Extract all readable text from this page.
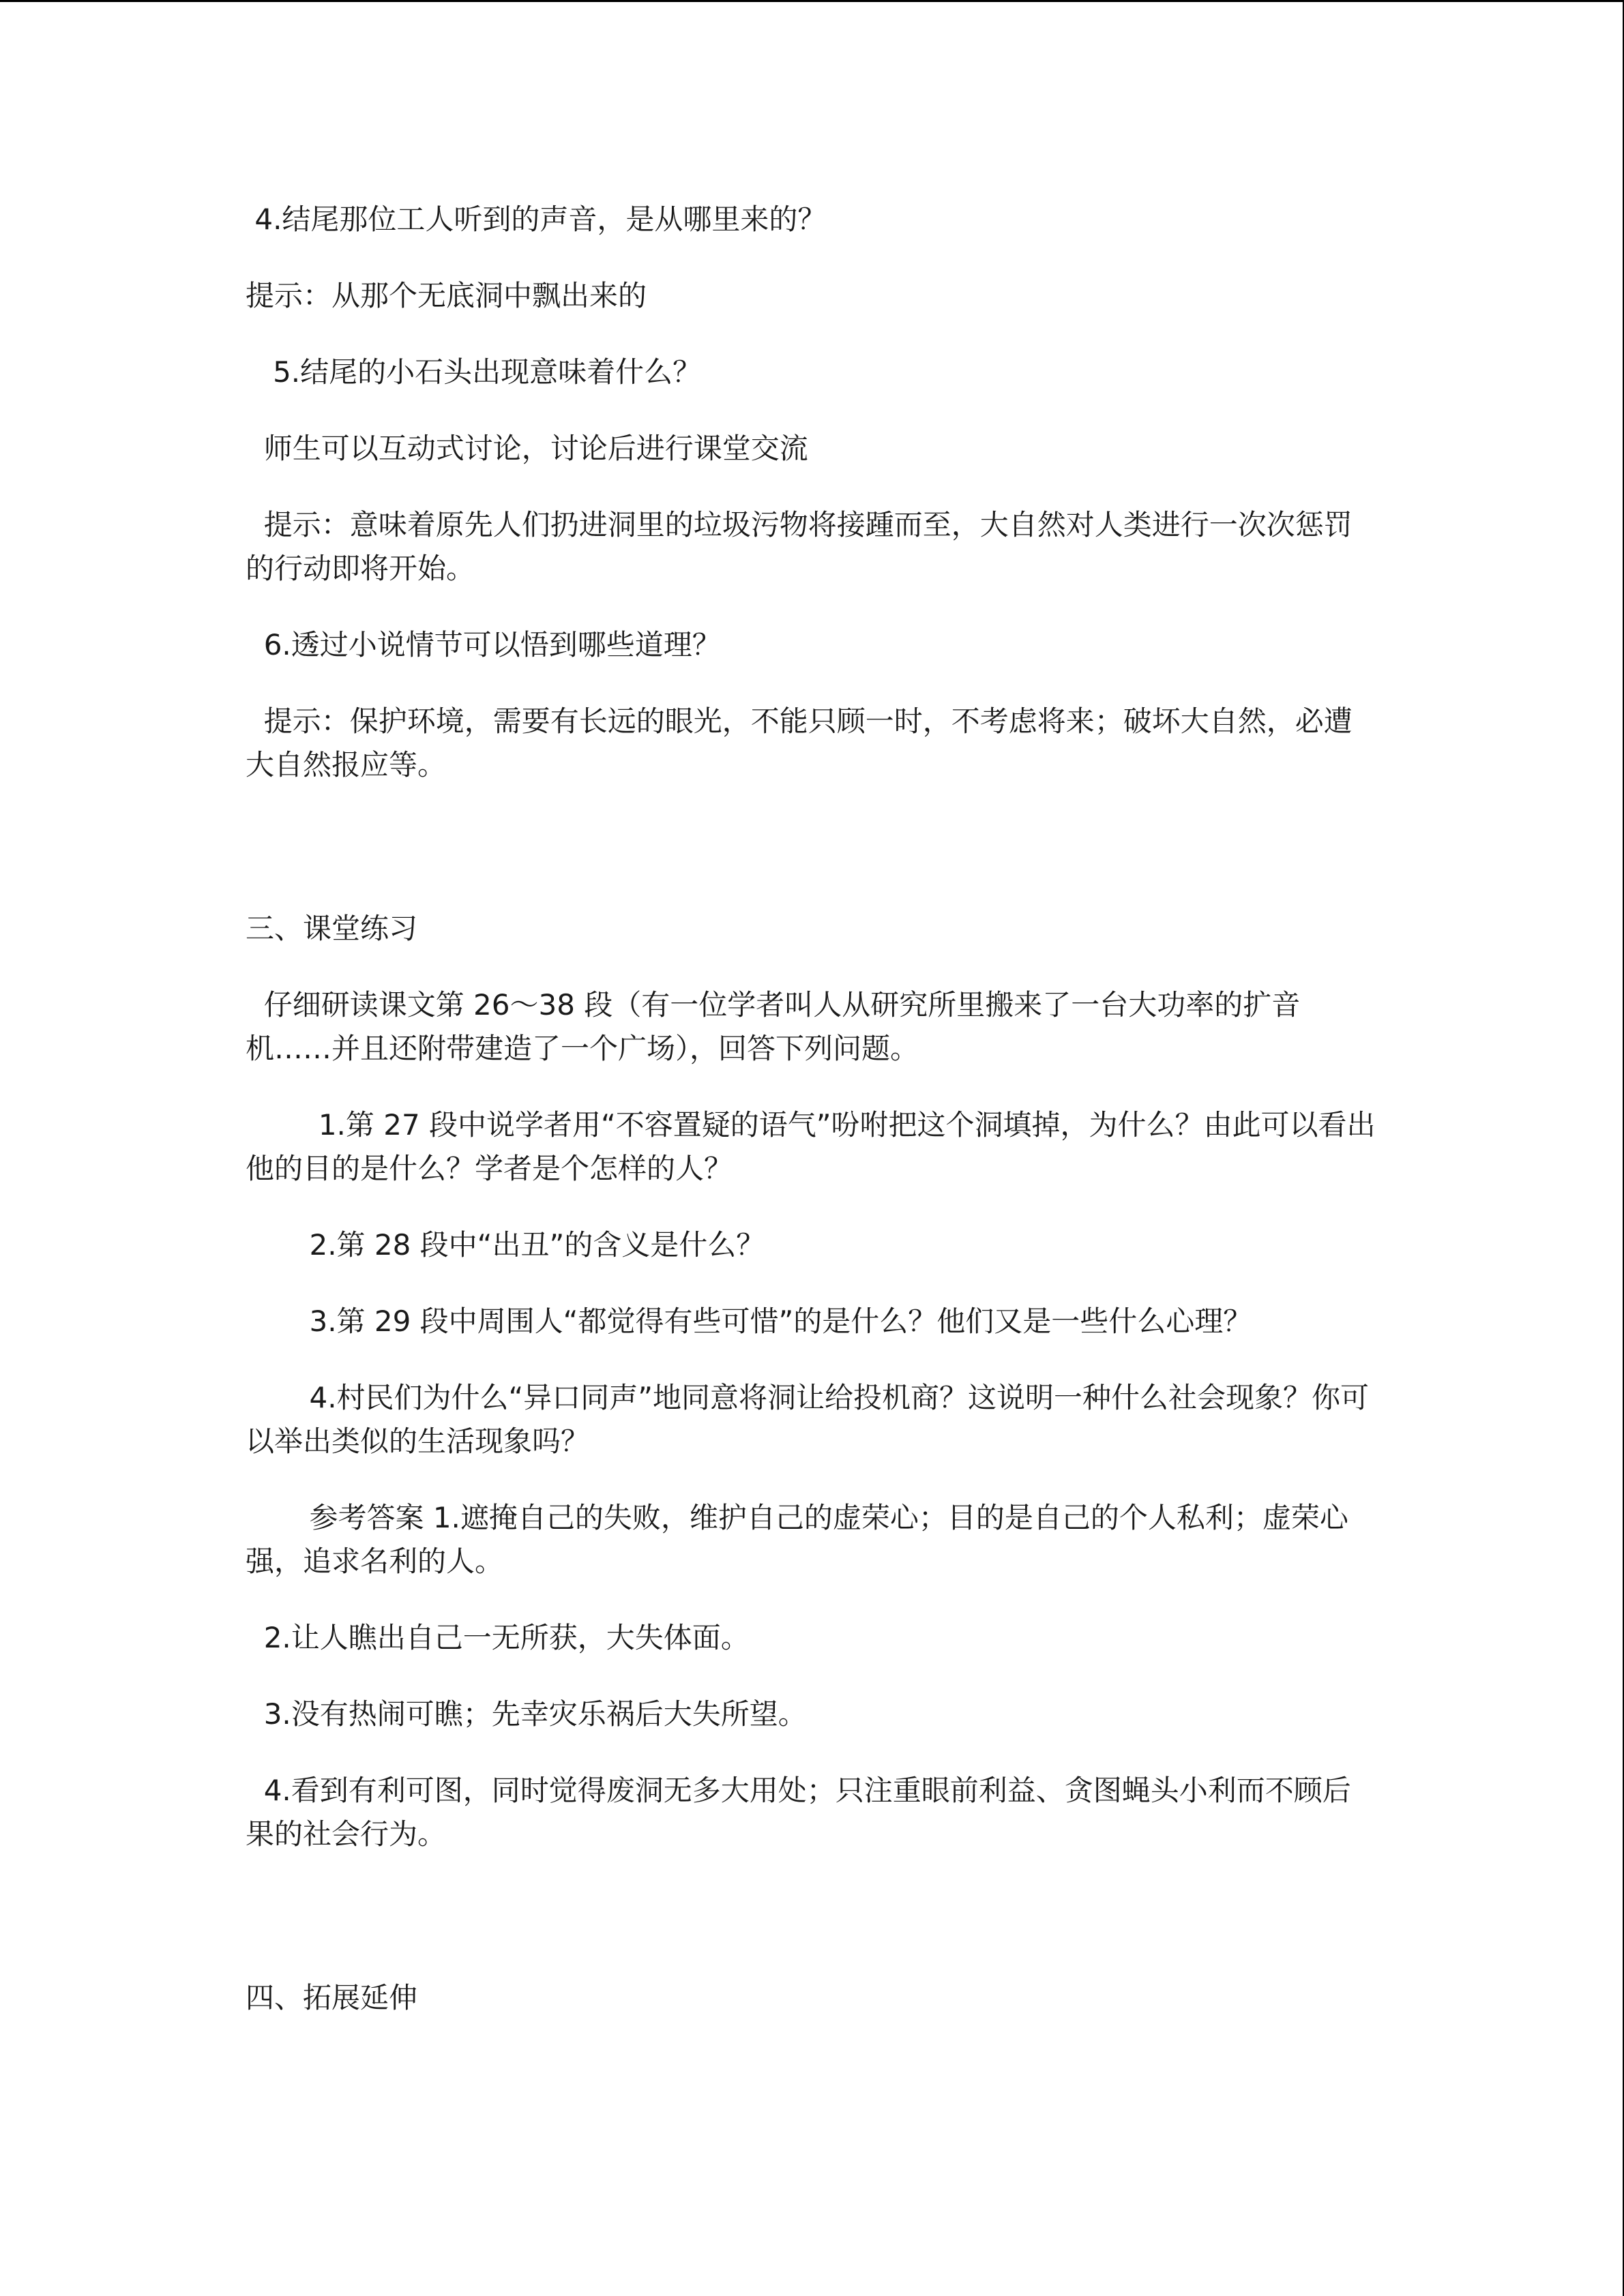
4.结尾那位工人听到的声音，是从哪里来的？

提示：从那个无底洞中飘出来的

5.结尾的小石头出现意味着什么？

师生可以互动式讨论，讨论后进行课堂交流

提示：意味着原先人们扔进洞里的垃圾污物将接踵而至，大自然对人类进行一次次惩罚的行动即将开始。

6.透过小说情节可以悟到哪些道理？

提示：保护环境，需要有长远的眼光，不能只顾一时，不考虑将来；破坏大自然，必遭大自然报应等。

三、课堂练习

仔细研读课文第 26～38 段（有一位学者叫人从研究所里搬来了一台大功率的扩音机……并且还附带建造了一个广场），回答下列问题。

1.第 27 段中说学者用“不容置疑的语气”吩咐把这个洞填掉，为什么？由此可以看出他的目的是什么？学者是个怎样的人？

2.第 28 段中“出丑”的含义是什么？

3.第 29 段中周围人“都觉得有些可惜”的是什么？他们又是一些什么心理？

4.村民们为什么“异口同声”地同意将洞让给投机商？这说明一种什么社会现象？你可以举出类似的生活现象吗？

参考答案 1.遮掩自己的失败，维护自己的虚荣心；目的是自己的个人私利；虚荣心强，追求名利的人。

2.让人瞧出自己一无所获，大失体面。

3.没有热闹可瞧；先幸灾乐祸后大失所望。

4.看到有利可图，同时觉得废洞无多大用处；只注重眼前利益、贪图蝇头小利而不顾后果的社会行为。

四、拓展延伸
